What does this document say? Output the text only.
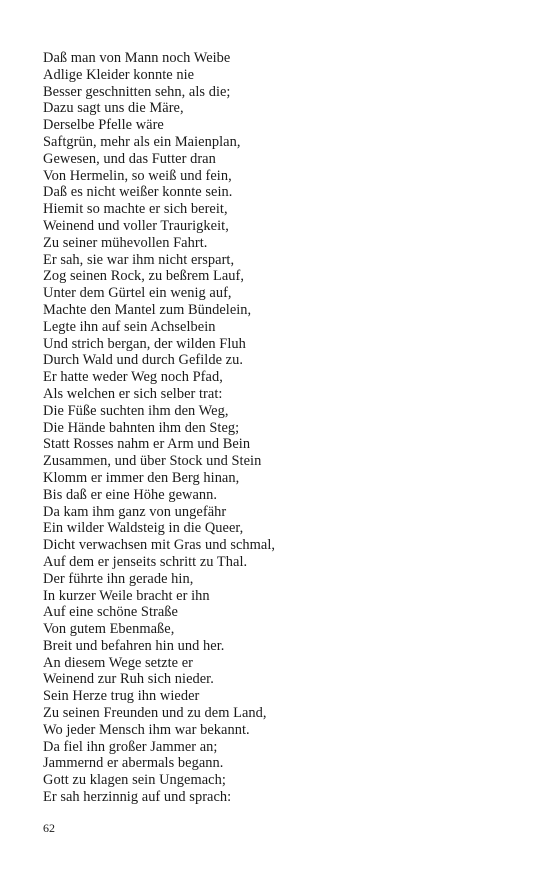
Daß man von Mann noch Weibe
Adlige Kleider konnte nie
Besser geschnitten sehn, als die;
Dazu sagt uns die Märe,
Derselbe Pfelle wäre
Saftgrün, mehr als ein Maienplan,
Gewesen, und das Futter dran
Von Hermelin, so weiß und fein,
Daß es nicht weißer konnte sein.
Hiemit so machte er sich bereit,
Weinend und voller Traurigkeit,
Zu seiner mühevollen Fahrt.
Er sah, sie war ihm nicht erspart,
Zog seinen Rock, zu beßrem Lauf,
Unter dem Gürtel ein wenig auf,
Machte den Mantel zum Bündelein,
Legte ihn auf sein Achselbein
Und strich bergan, der wilden Fluh
Durch Wald und durch Gefilde zu.
Er hatte weder Weg noch Pfad,
Als welchen er sich selber trat:
Die Füße suchten ihm den Weg,
Die Hände bahnten ihm den Steg;
Statt Rosses nahm er Arm und Bein
Zusammen, und über Stock und Stein
Klomm er immer den Berg hinan,
Bis daß er eine Höhe gewann.
Da kam ihm ganz von ungefähr
Ein wilder Waldsteig in die Queer,
Dicht verwachsen mit Gras und schmal,
Auf dem er jenseits schritt zu Thal.
Der führte ihn gerade hin,
In kurzer Weile bracht er ihn
Auf eine schöne Straße
Von gutem Ebenmaße,
Breit und befahren hin und her.
An diesem Wege setzte er
Weinend zur Ruh sich nieder.
Sein Herze trug ihn wieder
Zu seinen Freunden und zu dem Land,
Wo jeder Mensch ihm war bekannt.
Da fiel ihn großer Jammer an;
Jammernd er abermals begann.
Gott zu klagen sein Ungemach;
Er sah herzinnig auf und sprach:
62
